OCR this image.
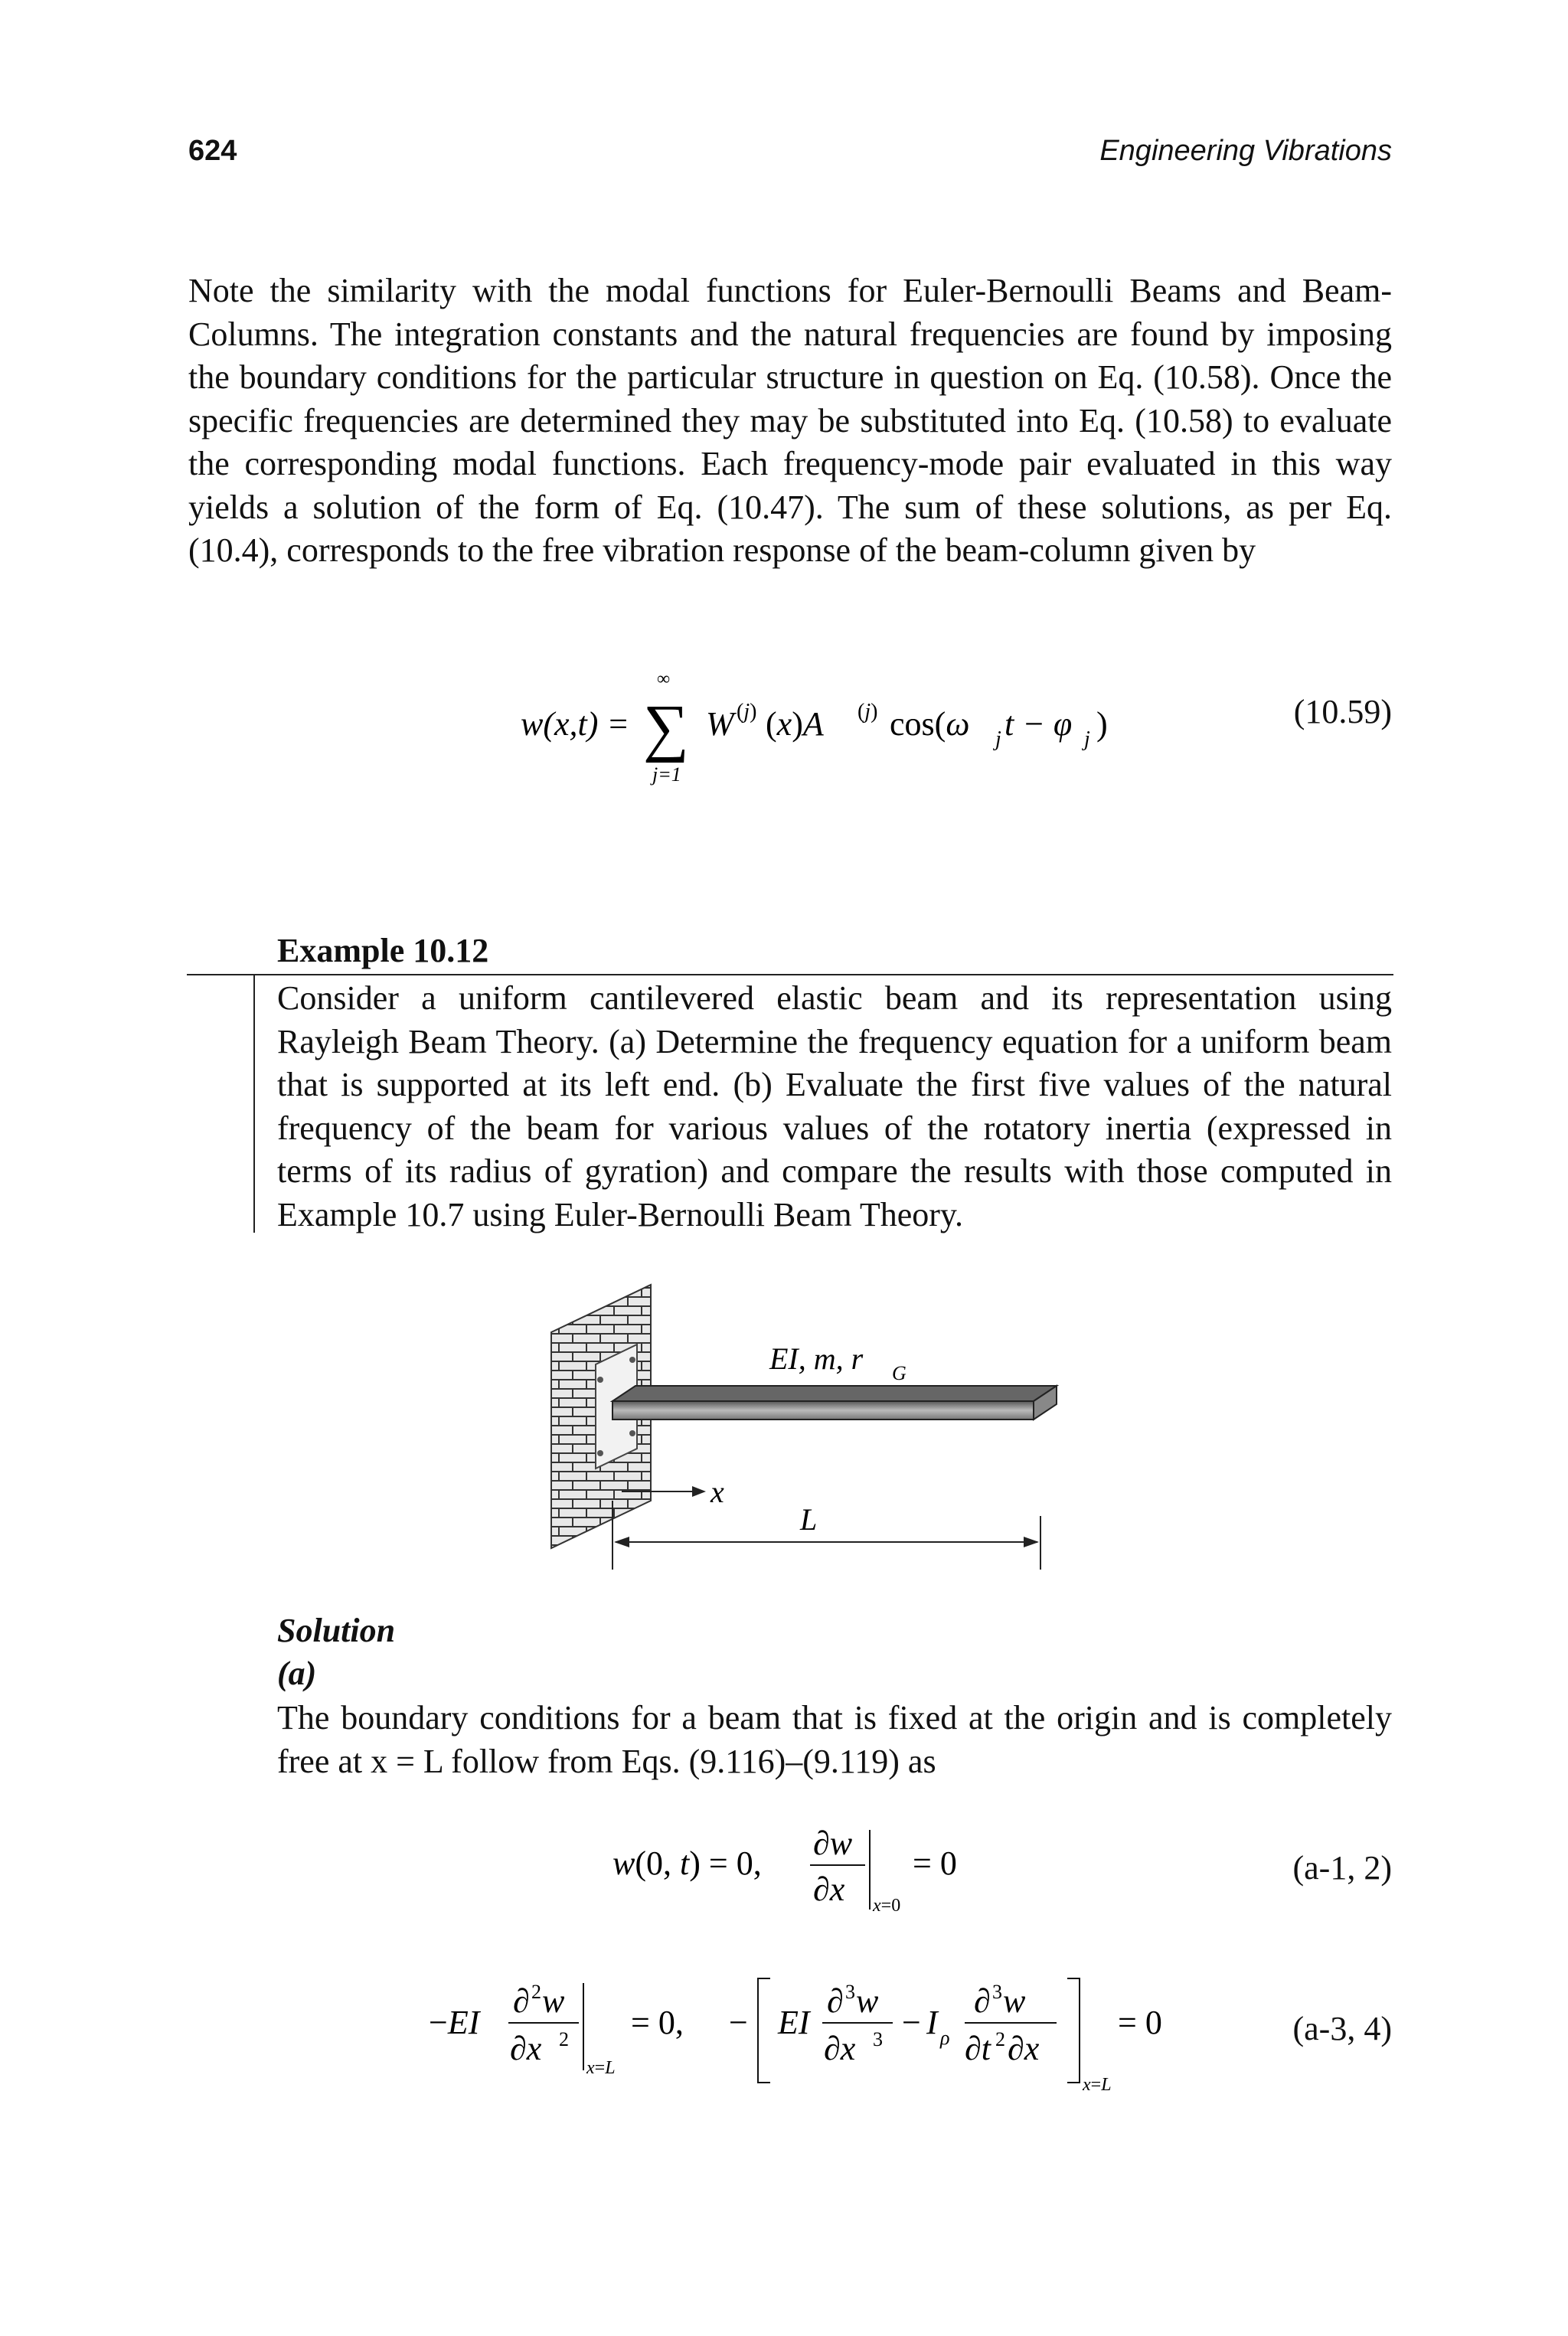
624	Engineering Vibrations
Note the similarity with the modal functions for Euler-Bernoulli Beams and Beam-Columns. The integration constants and the natural frequencies are found by imposing the boundary conditions for the particular structure in question on Eq. (10.58). Once the specific frequencies are determined they may be substituted into Eq. (10.58) to evaluate the corresponding modal functions. Each frequency-mode pair evaluated in this way yields a solution of the form of Eq. (10.47). The sum of these solutions, as per Eq. (10.4), corresponds to the free vibration response of the beam-column given by
w(x,t) =
∞
j=1
∑ W (j) (x)A (j) cos(ω j t − φ j )	(10.59)
Example 10.12
Consider a uniform cantilevered elastic beam and its representation using Rayleigh Beam Theory. (a) Determine the frequency equation for a uniform beam that is supported at its left end. (b) Evaluate the first five values of the natural frequency of the beam for various values of the rotatory inertia (expressed in terms of its radius of gyration) and compare the results with those computed in Example 10.7 using Euler-Bernoulli Beam Theory.
EI, m, r G
x
L
Solution
(a)
The boundary conditions for a beam that is fixed at the origin and is completely free at x = L follow from Eqs. (9.116)–(9.119) as
w(0, t) = 0,
∂w
∂x x=0
= 0	(a-1, 2)
−EI
∂ 2 w
∂x 2
x=L
= 0, − EI
∂ 3 w
∂x 3 − I ρ
∂ 3 w
∂t 2 ∂x
x=L
= 0	(a-3, 4)
